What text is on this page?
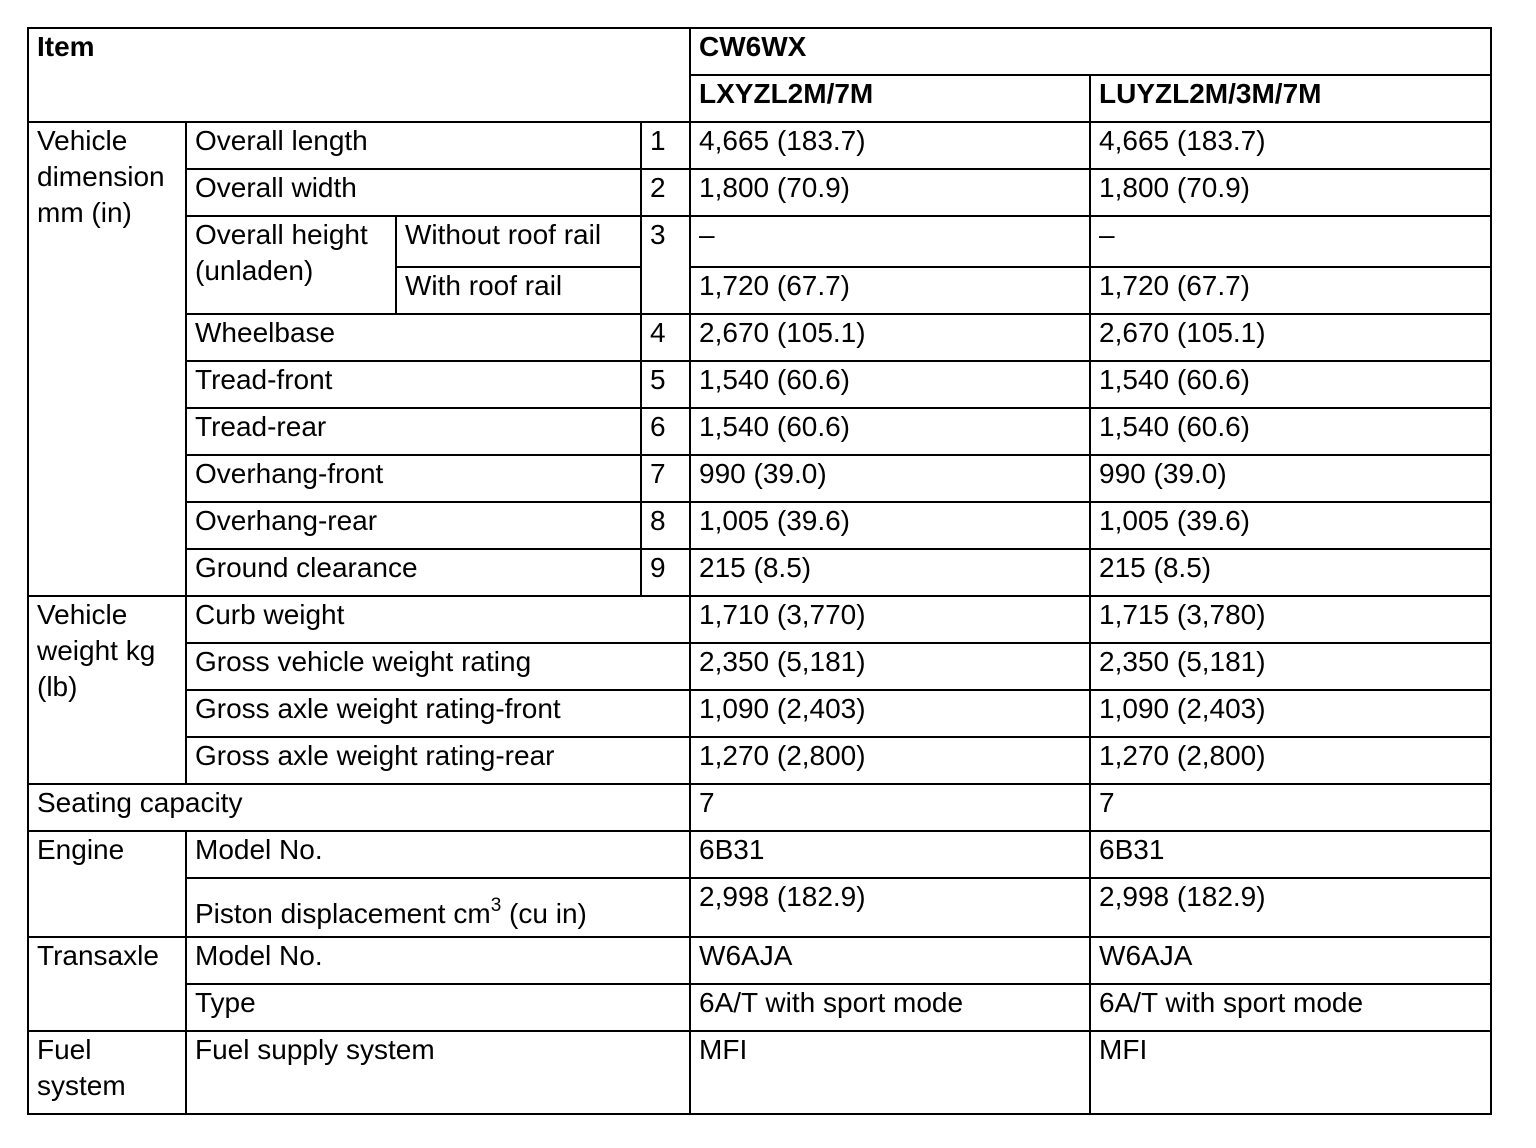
Item				CW6WX	
				LXYZL2M/7M	LUYZL2M/3M/7M
Vehicle dimension mm (in)	Overall length		1	4,665 (183.7)	4,665 (183.7)
	Overall width		2	1,800 (70.9)	1,800 (70.9)
	Overall height (unladen)	Without roof rail	3	–	–
		With roof rail		1,720 (67.7)	1,720 (67.7)
	Wheelbase		4	2,670 (105.1)	2,670 (105.1)
	Tread-front		5	1,540 (60.6)	1,540 (60.6)
	Tread-rear		6	1,540 (60.6)	1,540 (60.6)
	Overhang-front		7	990 (39.0)	990 (39.0)
	Overhang-rear		8	1,005 (39.6)	1,005 (39.6)
	Ground clearance		9	215 (8.5)	215 (8.5)
Vehicle weight kg (lb)	Curb weight			1,710 (3,770)	1,715 (3,780)
	Gross vehicle weight rating			2,350 (5,181)	2,350 (5,181)
	Gross axle weight rating-front			1,090 (2,403)	1,090 (2,403)
	Gross axle weight rating-rear			1,270 (2,800)	1,270 (2,800)
Seating capacity				7	7
Engine	Model No.			6B31	6B31
	Piston displacement $cm^3$ (cu in)			2,998 (182.9)	2,998 (182.9)
Transaxle	Model No.			W6AJA	W6AJA
	Type			6A/T with sport mode	6A/T with sport mode
Fuel system	Fuel supply system			MFI	MFI
